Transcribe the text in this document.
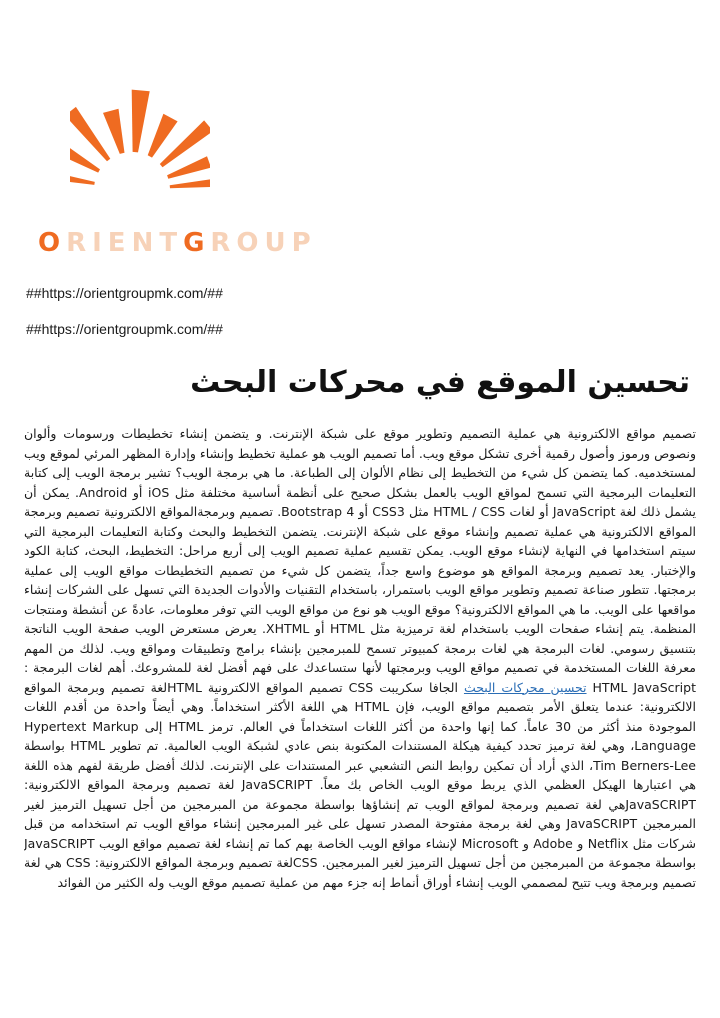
ORIENTGROUP
##https://orientgroupmk.com/##
##https://orientgroupmk.com/##
تحسين الموقع في محركات البحث
تصميم مواقع الالكترونية هي عملية التصميم وتطوير موقع على شبكة الإنترنت. و يتضمن إنشاء تخطيطات ورسومات وألوان ونصوص ورموز وأصول رقمية أخرى تشكل موقع ويب. أما تصميم الويب هو عملية تخطيط وإنشاء وإدارة المظهر المرئي لموقع ويب لمستخدميه. كما يتضمن كل شيء من التخطيط إلى نظام الألوان إلى الطباعة. ما هي برمجة الويب؟ تشير برمجة الويب إلى كتابة التعليمات البرمجية التي تسمح لمواقع الويب بالعمل بشكل صحيح على أنظمة أساسية مختلفة مثل iOS أو Android. يمكن أن يشمل ذلك لغة JavaScript أو لغات HTML / CSS مثل CSS3 أو Bootstrap 4. تصميم وبرمجةالمواقع الالكترونية تصميم وبرمجة المواقع الالكترونية هي عملية تصميم وإنشاء موقع على شبكة الإنترنت. يتضمن التخطيط والبحث وكتابة التعليمات البرمجية التي سيتم استخدامها في النهاية لإنشاء موقع الويب. يمكن تقسيم عملية تصميم الويب إلى أربع مراحل: التخطيط، البحث، كتابة الكود والإختبار. يعد تصميم وبرمجة المواقع هو موضوع واسع جداً، يتضمن كل شيء من تصميم التخطيطات مواقع الويب إلى عملية برمجتها. تتطور صناعة تصميم وتطوير مواقع الويب باستمرار، باستخدام التقنيات والأدوات الجديدة التي تسهل على الشركات إنشاء مواقعها على الويب. ما هي المواقع الالكترونية؟ موقع الويب هو نوع من مواقع الويب التي توفر معلومات، عادةً عن أنشطة ومنتجات المنظمة. يتم إنشاء صفحات الويب باستخدام لغة ترميزية مثل HTML أو XHTML. يعرض مستعرض الويب صفحة الويب الناتجة بتنسيق رسومي. لغات البرمجة هي لغات برمجة كمبيوتر تسمح للمبرمجين بإنشاء برامج وتطبيقات ومواقع ويب. لذلك من المهم معرفة اللغات المستخدمة في تصميم مواقع الويب وبرمجتها لأنها ستساعدك على فهم أفضل لغة للمشروعك. أهم لغات البرمجة : HTML JavaScript تحسين محركات البحث الجافا سكريبت CSS تصميم المواقع الالكترونية HTMLلغة تصميم وبرمجة المواقع الالكترونية: عندما يتعلق الأمر بتصميم مواقع الويب، فإن HTML هي اللغة الأكثر استخداماً. وهي أيضاً واحدة من أقدم اللغات الموجودة منذ أكثر من 30 عاماً. كما إنها واحدة من أكثر اللغات استخداماً في العالم. ترمز HTML إلى Hypertext Markup Language، وهي لغة ترميز تحدد كيفية هيكلة المستندات المكتوبة بنص عادي لشبكة الويب العالمية. تم تطوير HTML بواسطة Tim Berners-Lee، الذي أراد أن تمكين روابط النص التشعبي عبر المستندات على الإنترنت. لذلك أفضل طريقة لفهم هذه اللغة هي اعتبارها الهيكل العظمي الذي يربط موقع الويب الخاص بك معاً. JavaSCRIPT لغة تصميم وبرمجة المواقع الالكترونية: JavaSCRIPTهي لغة تصميم وبرمجة لمواقع الويب تم إنشاؤها بواسطة مجموعة من المبرمجين من أجل تسهيل الترميز لغير المبرمجين JavaSCRIPT وهي لغة برمجة مفتوحة المصدر تسهل على غير المبرمجين إنشاء مواقع الويب تم استخدامه من قبل شركات مثل Netflix و Adobe و Microsoft لإنشاء مواقع الويب الخاصة بهم كما تم إنشاء لغة تصميم مواقع الويب JavaSCRIPT بواسطة مجموعة من المبرمجين من أجل تسهيل الترميز لغير المبرمجين. CSSلغة تصميم وبرمجة المواقع الالكترونية: CSS هي لغة تصميم وبرمجة ويب تتيح لمصممي الويب إنشاء أوراق أنماط إنه جزء مهم من عملية تصميم موقع الويب وله الكثير من الفوائد
